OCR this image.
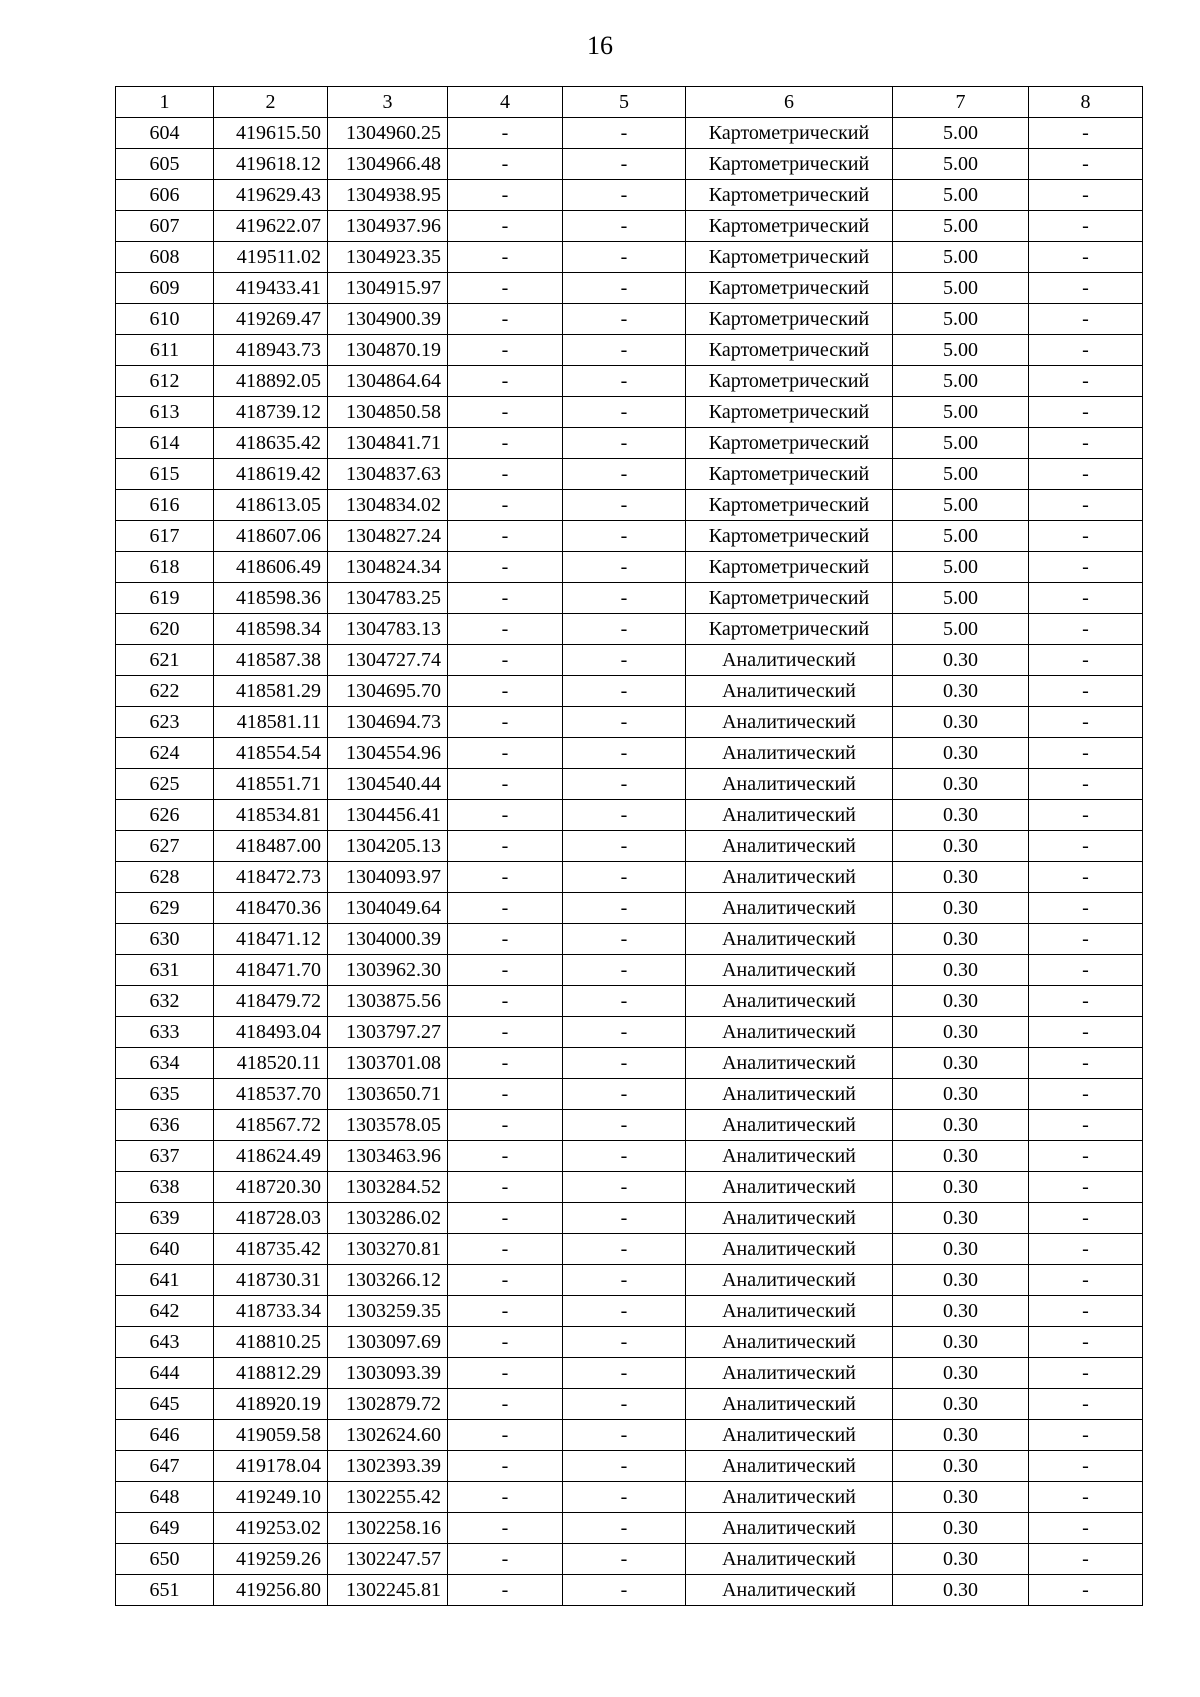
16
1	2	3	4	5	6	7	8
604	419615.50	1304960.25	-	-	Картометрический	5.00	-
605	419618.12	1304966.48	-	-	Картометрический	5.00	-
606	419629.43	1304938.95	-	-	Картометрический	5.00	-
607	419622.07	1304937.96	-	-	Картометрический	5.00	-
608	419511.02	1304923.35	-	-	Картометрический	5.00	-
609	419433.41	1304915.97	-	-	Картометрический	5.00	-
610	419269.47	1304900.39	-	-	Картометрический	5.00	-
611	418943.73	1304870.19	-	-	Картометрический	5.00	-
612	418892.05	1304864.64	-	-	Картометрический	5.00	-
613	418739.12	1304850.58	-	-	Картометрический	5.00	-
614	418635.42	1304841.71	-	-	Картометрический	5.00	-
615	418619.42	1304837.63	-	-	Картометрический	5.00	-
616	418613.05	1304834.02	-	-	Картометрический	5.00	-
617	418607.06	1304827.24	-	-	Картометрический	5.00	-
618	418606.49	1304824.34	-	-	Картометрический	5.00	-
619	418598.36	1304783.25	-	-	Картометрический	5.00	-
620	418598.34	1304783.13	-	-	Картометрический	5.00	-
621	418587.38	1304727.74	-	-	Аналитический	0.30	-
622	418581.29	1304695.70	-	-	Аналитический	0.30	-
623	418581.11	1304694.73	-	-	Аналитический	0.30	-
624	418554.54	1304554.96	-	-	Аналитический	0.30	-
625	418551.71	1304540.44	-	-	Аналитический	0.30	-
626	418534.81	1304456.41	-	-	Аналитический	0.30	-
627	418487.00	1304205.13	-	-	Аналитический	0.30	-
628	418472.73	1304093.97	-	-	Аналитический	0.30	-
629	418470.36	1304049.64	-	-	Аналитический	0.30	-
630	418471.12	1304000.39	-	-	Аналитический	0.30	-
631	418471.70	1303962.30	-	-	Аналитический	0.30	-
632	418479.72	1303875.56	-	-	Аналитический	0.30	-
633	418493.04	1303797.27	-	-	Аналитический	0.30	-
634	418520.11	1303701.08	-	-	Аналитический	0.30	-
635	418537.70	1303650.71	-	-	Аналитический	0.30	-
636	418567.72	1303578.05	-	-	Аналитический	0.30	-
637	418624.49	1303463.96	-	-	Аналитический	0.30	-
638	418720.30	1303284.52	-	-	Аналитический	0.30	-
639	418728.03	1303286.02	-	-	Аналитический	0.30	-
640	418735.42	1303270.81	-	-	Аналитический	0.30	-
641	418730.31	1303266.12	-	-	Аналитический	0.30	-
642	418733.34	1303259.35	-	-	Аналитический	0.30	-
643	418810.25	1303097.69	-	-	Аналитический	0.30	-
644	418812.29	1303093.39	-	-	Аналитический	0.30	-
645	418920.19	1302879.72	-	-	Аналитический	0.30	-
646	419059.58	1302624.60	-	-	Аналитический	0.30	-
647	419178.04	1302393.39	-	-	Аналитический	0.30	-
648	419249.10	1302255.42	-	-	Аналитический	0.30	-
649	419253.02	1302258.16	-	-	Аналитический	0.30	-
650	419259.26	1302247.57	-	-	Аналитический	0.30	-
651	419256.80	1302245.81	-	-	Аналитический	0.30	-
